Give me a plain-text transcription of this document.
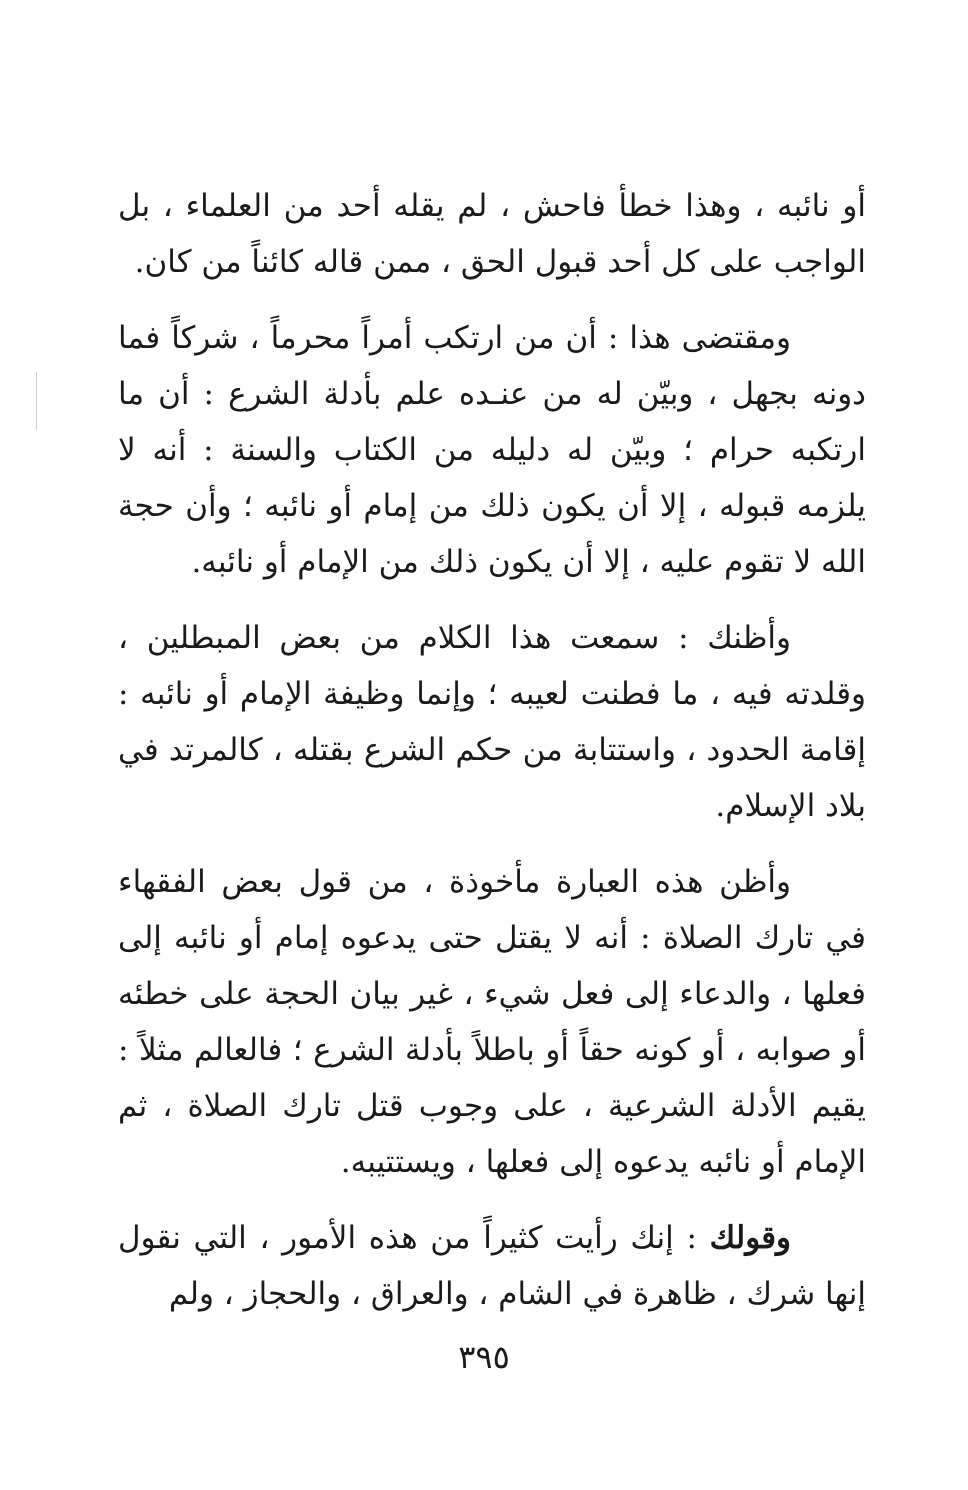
أو نائبه ، وهذا خطأ فاحش ، لم يقله أحد من العلماء ، بل الواجب على كل أحد قبول الحق ، ممن قاله كائناً من كان.

ومقتضى هذا : أن من ارتكب أمراً محرماً ، شركاً فما دونه بجهل ، وبيّن له من عنـده علم بأدلة الشرع : أن ما ارتكبه حرام ؛ وبيّن له دليله من الكتاب والسنة : أنه لا يلزمه قبوله ، إلا أن يكون ذلك من إمام أو نائبه ؛ وأن حجة الله لا تقوم عليه ، إلا أن يكون ذلك من الإمام أو نائبه.

وأظنك : سمعت هذا الكلام من بعض المبطلين ، وقلدته فيه ، ما فطنت لعيبه ؛ وإنما وظيفة الإمام أو نائبه : إقامة الحدود ، واستتابة من حكم الشرع بقتله ، كالمرتد في بلاد الإسلام.

وأظن هذه العبارة مأخوذة ، من قول بعض الفقهاء في تارك الصلاة : أنه لا يقتل حتى يدعوه إمام أو نائبه إلى فعلها ، والدعاء إلى فعل شيء ، غير بيان الحجة على خطئه أو صوابه ، أو كونه حقاً أو باطلاً بأدلة الشرع ؛ فالعالم مثلاً : يقيم الأدلة الشرعية ، على وجوب قتل تارك الصلاة ، ثم الإمام أو نائبه يدعوه إلى فعلها ، ويستتيبه.

وقولك : إنك رأيت كثيراً من هذه الأمور ، التي نقول إنها شرك ، ظاهرة في الشام ، والعراق ، والحجاز ، ولم

٣٩٥
